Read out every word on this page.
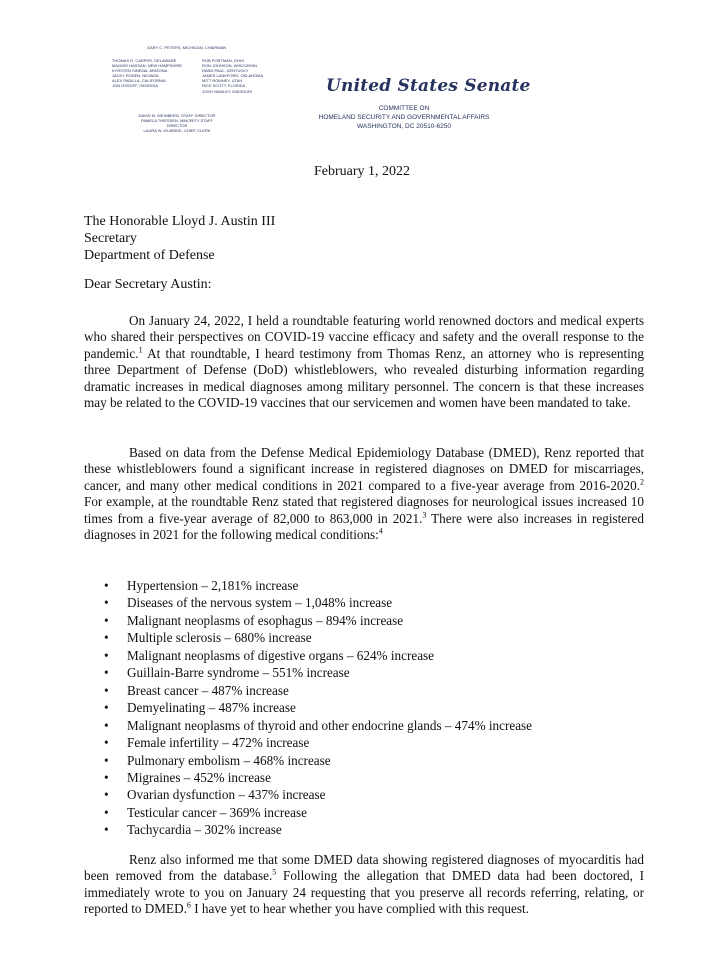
GARY C. PETERS, MICHIGAN, CHAIRMAN
THOMAS R. CARPER, DELAWARE
MAGGIE HASSAN, NEW HAMPSHIRE
KYRSTEN SINEMA, ARIZONA
JACKY ROSEN, NEVADA
ALEX PADILLA, CALIFORNIA
JON OSSOFF, GEORGIA
ROB PORTMAN, OHIO
RON JOHNSON, WISCONSIN
RAND PAUL, KENTUCKY
JAMES LANKFORD, OKLAHOMA
MITT ROMNEY, UTAH
RICK SCOTT, FLORIDA
JOSH HAWLEY, MISSOURI
DAVID M. WEINBERG, STAFF DIRECTOR
PAMELA THIESSEN, MINORITY STAFF DIRECTOR
LAURA W. KILBRIDE, CHIEF CLERK
United States Senate
COMMITTEE ON
HOMELAND SECURITY AND GOVERNMENTAL AFFAIRS
WASHINGTON, DC 20510-6250
February 1, 2022
The Honorable Lloyd J. Austin III
Secretary
Department of Defense
Dear Secretary Austin:
On January 24, 2022, I held a roundtable featuring world renowned doctors and medical experts who shared their perspectives on COVID-19 vaccine efficacy and safety and the overall response to the pandemic.$^1$ At that roundtable, I heard testimony from Thomas Renz, an attorney who is representing three Department of Defense (DoD) whistleblowers, who revealed disturbing information regarding dramatic increases in medical diagnoses among military personnel. The concern is that these increases may be related to the COVID-19 vaccines that our servicemen and women have been mandated to take.
Based on data from the Defense Medical Epidemiology Database (DMED), Renz reported that these whistleblowers found a significant increase in registered diagnoses on DMED for miscarriages, cancer, and many other medical conditions in 2021 compared to a five-year average from 2016-2020.$^2$ For example, at the roundtable Renz stated that registered diagnoses for neurological issues increased 10 times from a five-year average of 82,000 to 863,000 in 2021.$^3$ There were also increases in registered diagnoses in 2021 for the following medical conditions:$^4$
• Hypertension – 2,181% increase
• Diseases of the nervous system – 1,048% increase
• Malignant neoplasms of esophagus – 894% increase
• Multiple sclerosis – 680% increase
• Malignant neoplasms of digestive organs – 624% increase
• Guillain-Barre syndrome – 551% increase
• Breast cancer – 487% increase
• Demyelinating – 487% increase
• Malignant neoplasms of thyroid and other endocrine glands – 474% increase
• Female infertility – 472% increase
• Pulmonary embolism – 468% increase
• Migraines – 452% increase
• Ovarian dysfunction – 437% increase
• Testicular cancer – 369% increase
• Tachycardia – 302% increase
Renz also informed me that some DMED data showing registered diagnoses of myocarditis had been removed from the database.$^5$ Following the allegation that DMED data had been doctored, I immediately wrote to you on January 24 requesting that you preserve all records referring, relating, or reported to DMED.$^6$ I have yet to hear whether you have complied with this request.
